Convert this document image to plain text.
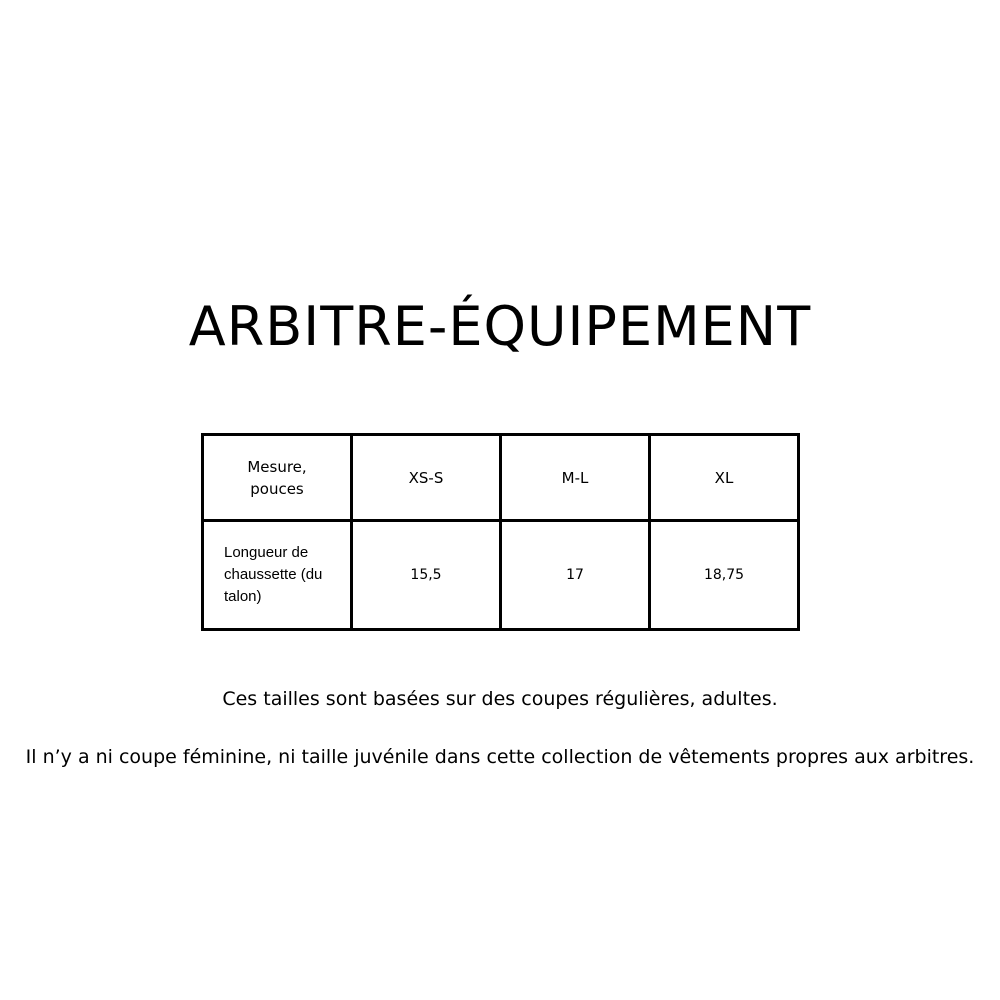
ARBITRE-ÉQUIPEMENT
Mesure, pouces	XS-S	M-L	XL
Longueur de chaussette (du talon)	15,5	17	18,75

Ces tailles sont basées sur des coupes régulières, adultes.

Il n’y a ni coupe féminine, ni taille juvénile dans cette collection de vêtements propres aux arbitres.
